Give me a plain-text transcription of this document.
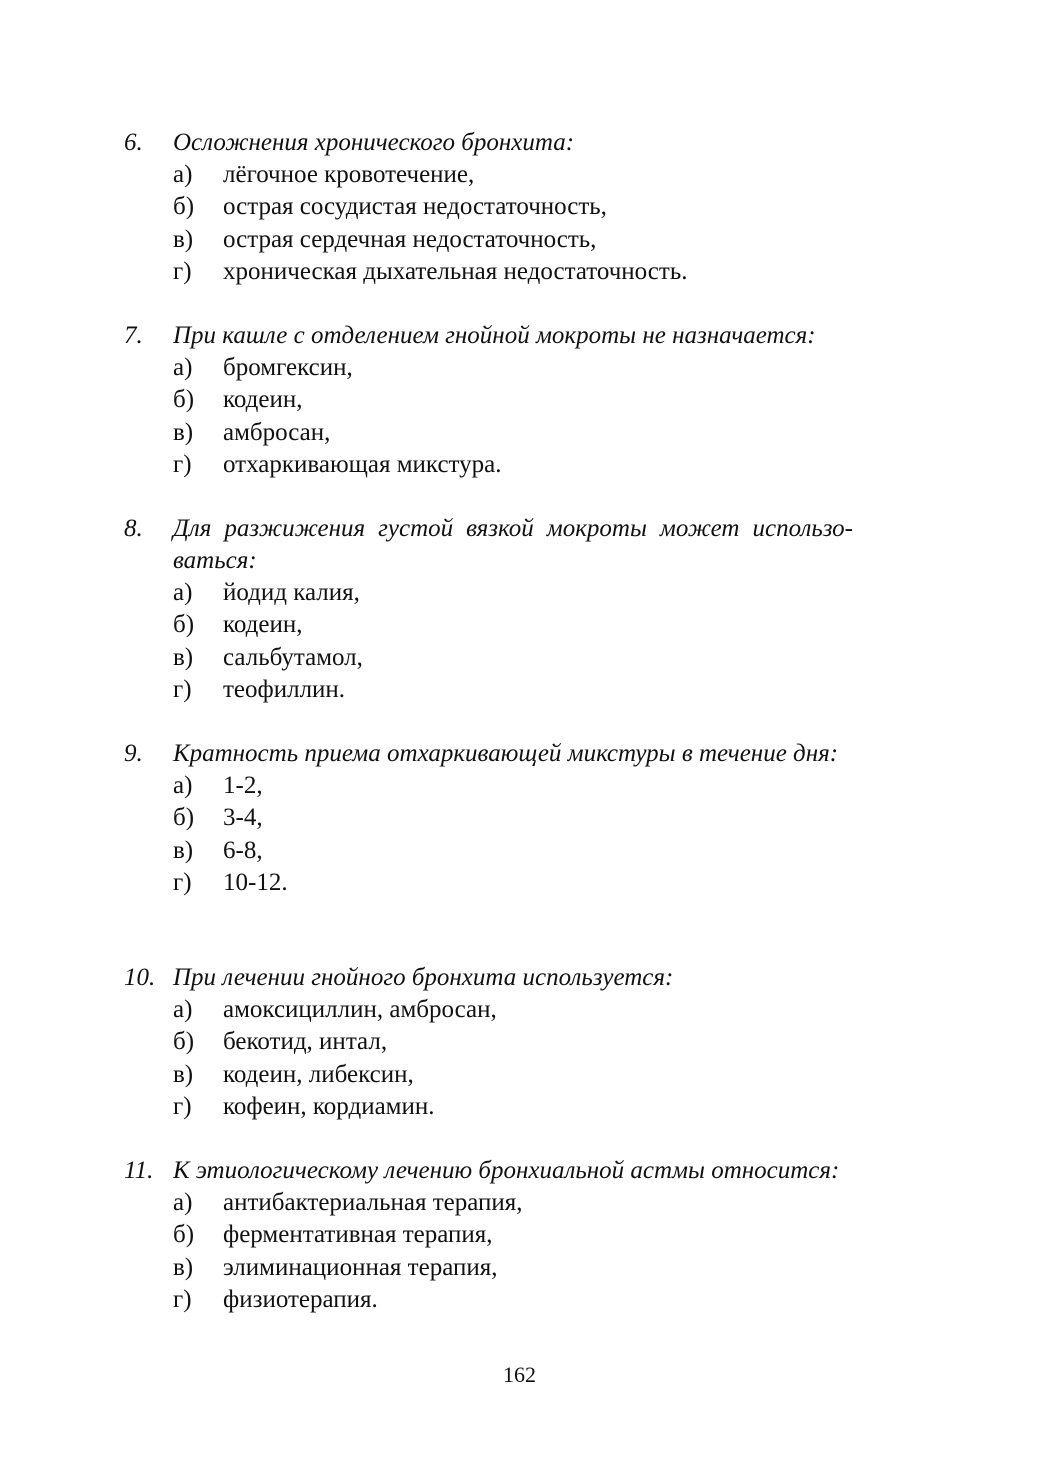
6.	Осложнения хронического бронхита:
а) лёгочное кровотечение,
б) острая сосудистая недостаточность,
в) острая сердечная недостаточность,
г) хроническая дыхательная недостаточность.
7.	При кашле с отделением гнойной мокроты не назначается:
а) бромгексин,
б) кодеин,
в) амбросан,
г) отхаркивающая микстура.
8.	Для разжижения густой вязкой мокроты может использо-ваться:
а) йодид калия,
б) кодеин,
в) сальбутамол,
г) теофиллин.
9.	Кратность приема отхаркивающей микстуры в течение дня:
а) 1-2,
б) 3-4,
в) 6-8,
г) 10-12.
10. При лечении гнойного бронхита используется:
а) амоксициллин, амбросан,
б) бекотид, интал,
в) кодеин, либексин,
г) кофеин, кордиамин.
11. К этиологическому лечению бронхиальной астмы относится:
а) антибактериальная терапия,
б) ферментативная терапия,
в) элиминационная терапия,
г) физиотерапия.
162
